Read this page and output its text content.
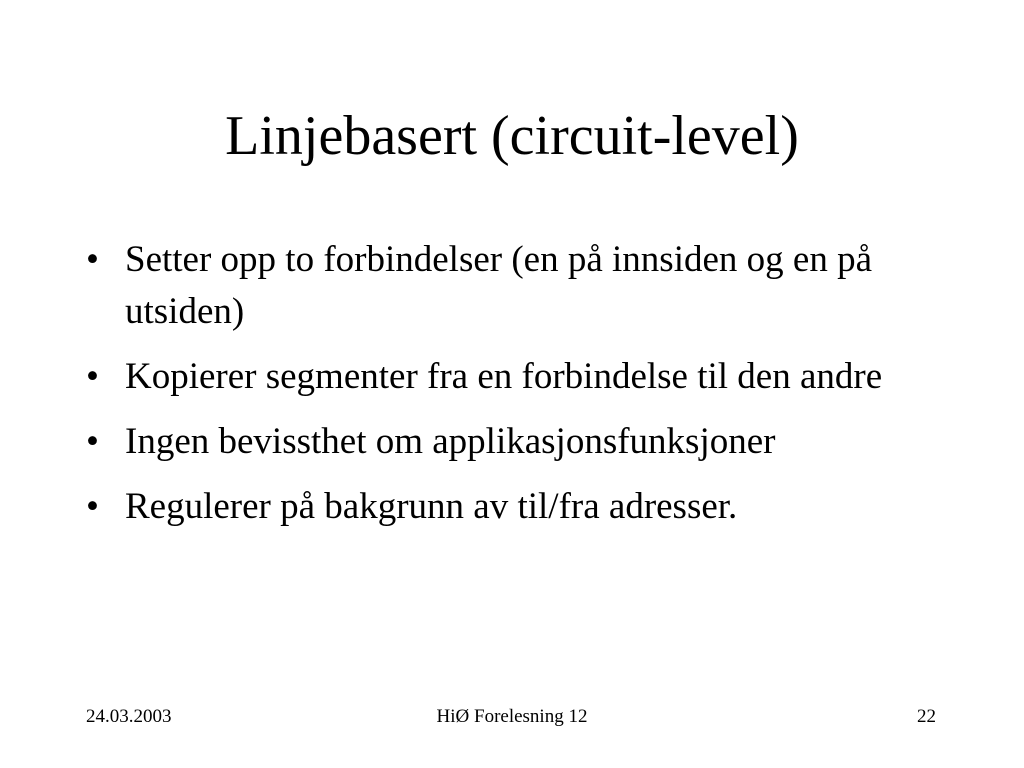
Linjebasert (circuit-level)
• Setter opp to forbindelser (en på innsiden og en på utsiden)
• Kopierer segmenter fra en forbindelse til den andre
• Ingen bevissthet om applikasjonsfunksjoner
• Regulerer på bakgrunn av til/fra adresser.
24.03.2003	HiØ Forelesning 12	22
